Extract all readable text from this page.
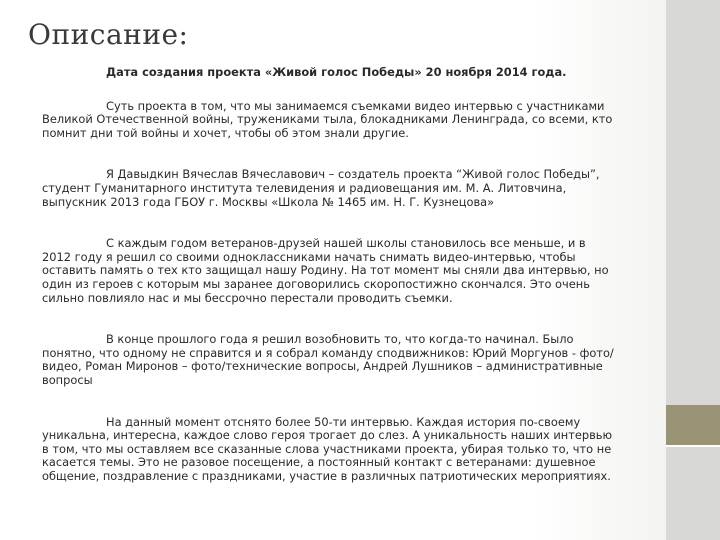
Описание:

Дата создания проекта «Живой голос Победы» 20 ноября 2014 года.

Суть проекта в том, что мы занимаемся съемками видео интервью с участниками Великой Отечественной войны, тружениками тыла, блокадниками Ленинграда, со всеми, кто помнит дни той войны и хочет, чтобы об этом знали другие.

Я Давыдкин Вячеслав Вячеславович – создатель проекта “Живой голос Победы”, студент Гуманитарного института телевидения и радиовещания им. М. А. Литовчина, выпускник 2013 года ГБОУ г. Москвы «Школа № 1465 им. Н. Г. Кузнецова»

С каждым годом ветеранов-друзей нашей школы становилось все меньше, и в 2012 году я решил со своими одноклассниками начать снимать видео-интервью, чтобы оставить память о тех кто защищал нашу Родину. На тот момент мы сняли два интервью, но один из героев с которым мы заранее договорились скоропостижно скончался. Это очень сильно повлияло нас и мы бессрочно перестали проводить съемки.

В конце прошлого года я решил возобновить то, что когда-то начинал. Было понятно, что одному не справится и я собрал команду сподвижников: Юрий Моргунов - фото/видео, Роман Миронов – фото/технические вопросы, Андрей Лушников – административные вопросы

На данный момент отснято более 50-ти интервью. Каждая история по-своему уникальна, интересна, каждое слово героя трогает до слез. А уникальность наших интервью в том, что мы оставляем все сказанные слова участниками проекта, убирая только то, что не касается темы. Это не разовое посещение, а постоянный контакт с ветеранами: душевное общение, поздравление с праздниками, участие в различных патриотических мероприятиях.
